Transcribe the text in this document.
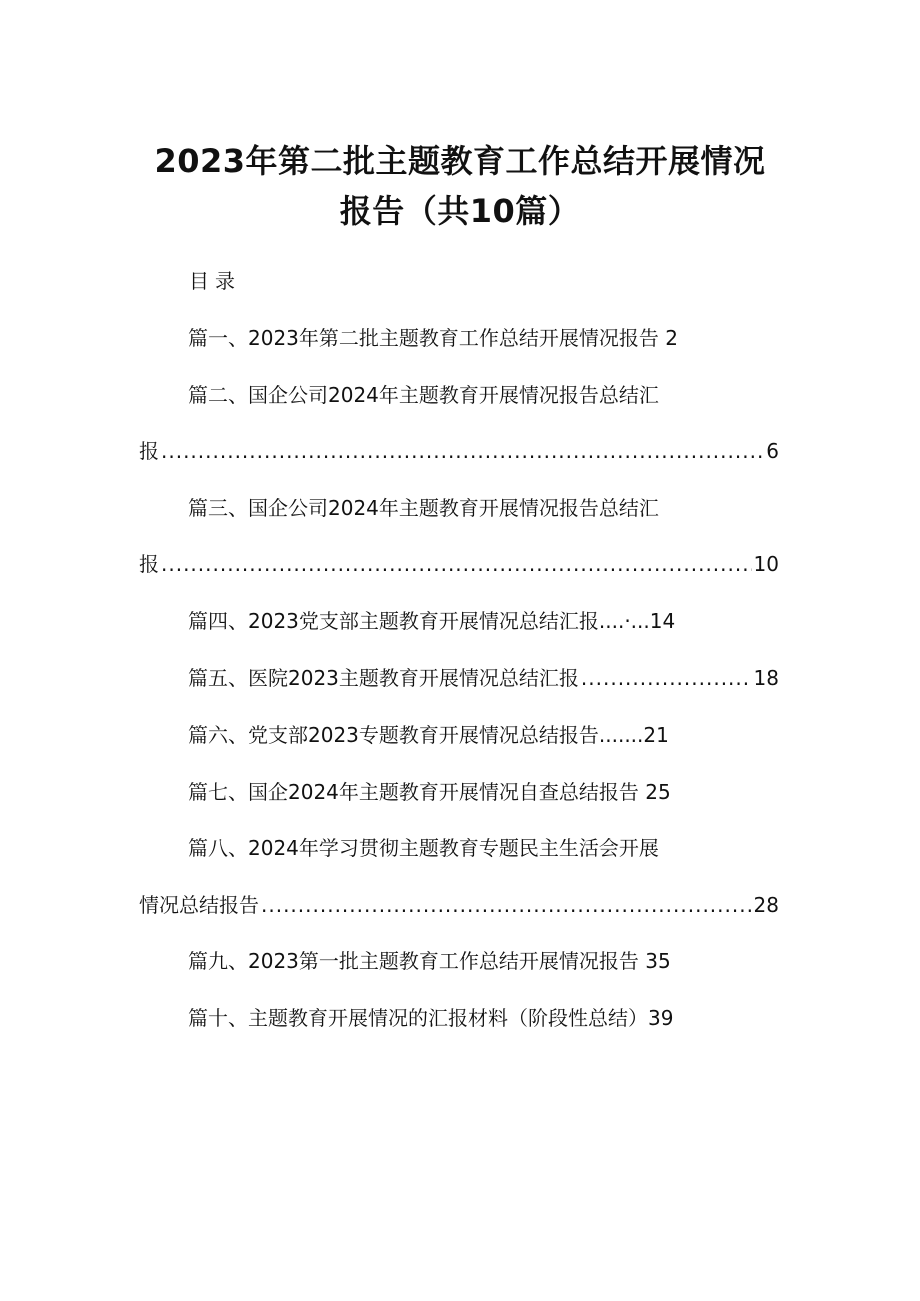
2023年第二批主题教育工作总结开展情况
报告（共10篇）
目录
篇一、2023年第二批主题教育工作总结开展情况报告 2
篇二、国企公司2024年主题教育开展情况报告总结汇
报 .....	6
篇三、国企公司2024年主题教育开展情况报告总结汇
报 .....	10
篇四、2023党支部主题教育开展情况总结汇报....·...14
篇五、医院2023主题教育开展情况总结汇报 .....	18
篇六、党支部2023专题教育开展情况总结报告.......21
篇七、国企2024年主题教育开展情况自查总结报告 25
篇八、2024年学习贯彻主题教育专题民主生活会开展
情况总结报告 .....	28
篇九、2023第一批主题教育工作总结开展情况报告 35
篇十、主题教育开展情况的汇报材料（阶段性总结）39
